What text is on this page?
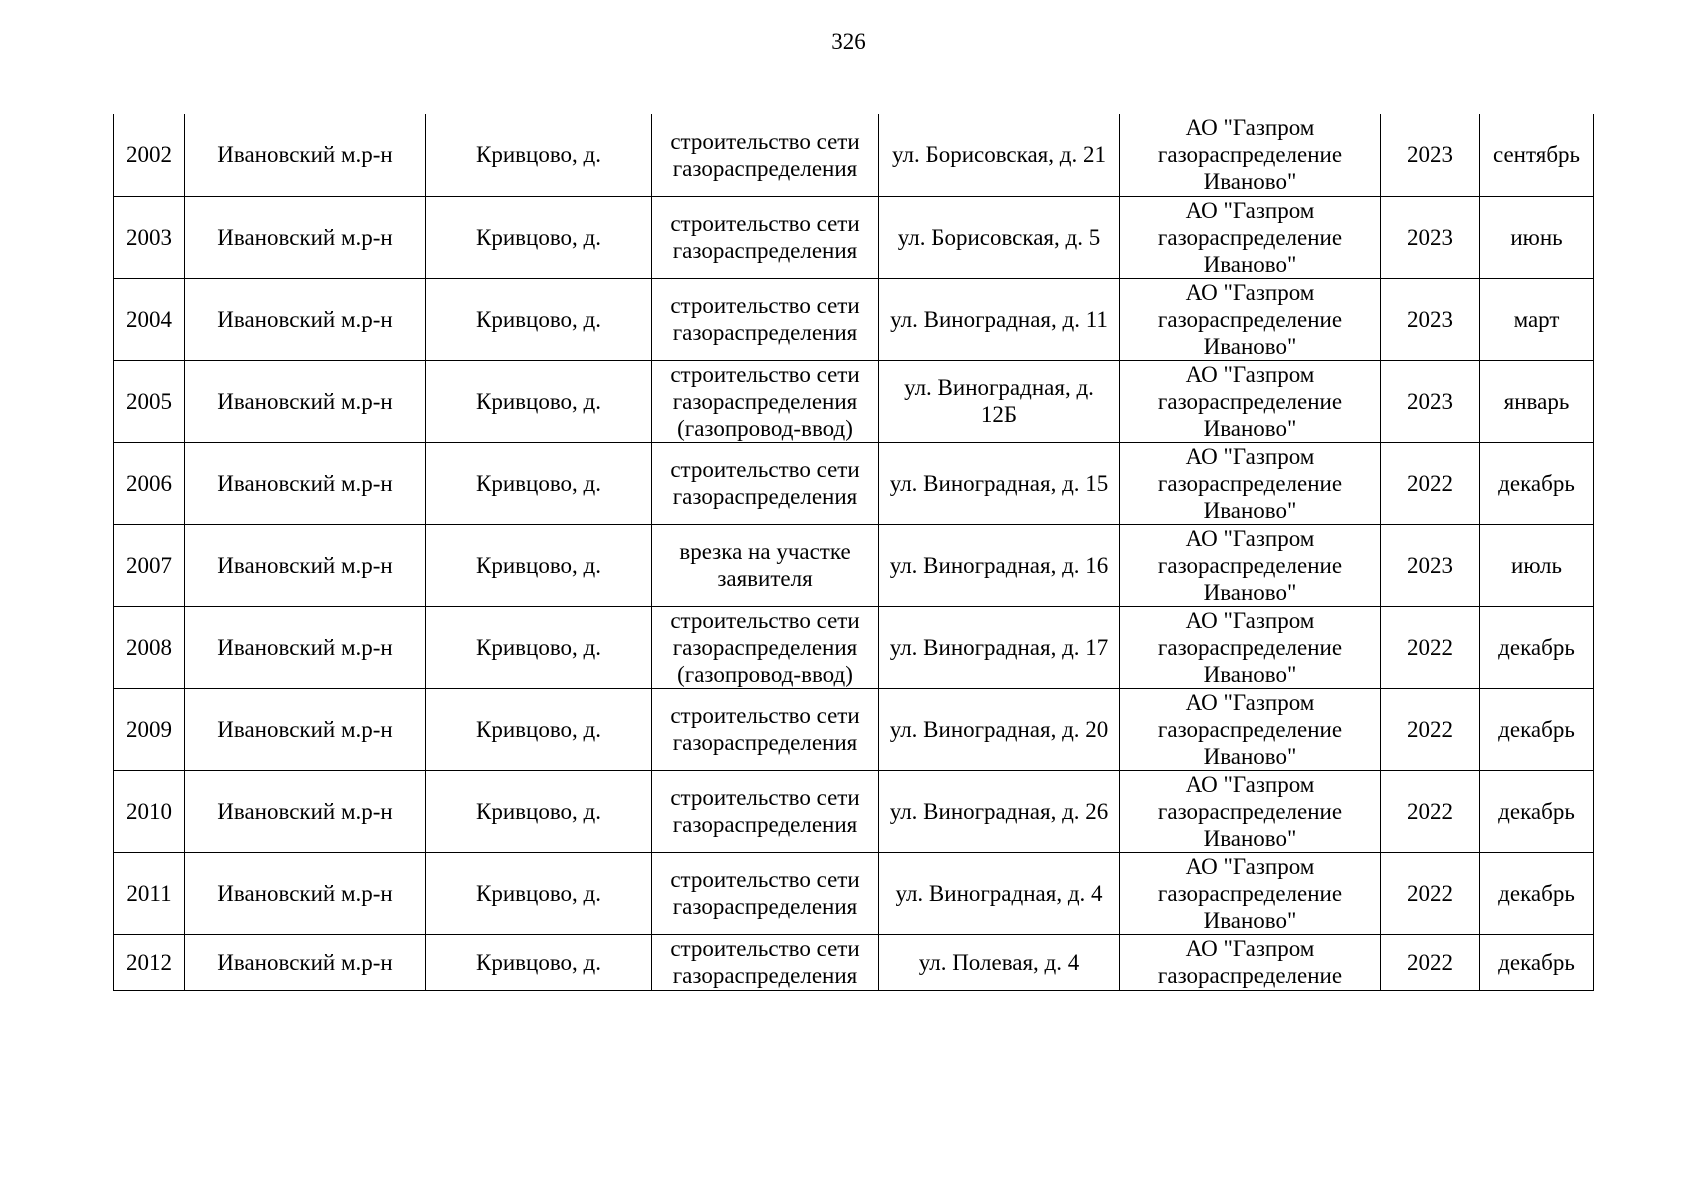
326
2002	Ивановский м.р-н	Кривцово, д.	строительство сети газораспределения	ул. Борисовская, д. 21	АО "Газпром газораспределение Иваново"	2023	сентябрь
2003	Ивановский м.р-н	Кривцово, д.	строительство сети газораспределения	ул. Борисовская, д. 5	АО "Газпром газораспределение Иваново"	2023	июнь
2004	Ивановский м.р-н	Кривцово, д.	строительство сети газораспределения	ул. Виноградная, д. 11	АО "Газпром газораспределение Иваново"	2023	март
2005	Ивановский м.р-н	Кривцово, д.	строительство сети газораспределения (газопровод-ввод)	ул. Виноградная, д. 12Б	АО "Газпром газораспределение Иваново"	2023	январь
2006	Ивановский м.р-н	Кривцово, д.	строительство сети газораспределения	ул. Виноградная, д. 15	АО "Газпром газораспределение Иваново"	2022	декабрь
2007	Ивановский м.р-н	Кривцово, д.	врезка на участке заявителя	ул. Виноградная, д. 16	АО "Газпром газораспределение Иваново"	2023	июль
2008	Ивановский м.р-н	Кривцово, д.	строительство сети газораспределения (газопровод-ввод)	ул. Виноградная, д. 17	АО "Газпром газораспределение Иваново"	2022	декабрь
2009	Ивановский м.р-н	Кривцово, д.	строительство сети газораспределения	ул. Виноградная, д. 20	АО "Газпром газораспределение Иваново"	2022	декабрь
2010	Ивановский м.р-н	Кривцово, д.	строительство сети газораспределения	ул. Виноградная, д. 26	АО "Газпром газораспределение Иваново"	2022	декабрь
2011	Ивановский м.р-н	Кривцово, д.	строительство сети газораспределения	ул. Виноградная, д. 4	АО "Газпром газораспределение Иваново"	2022	декабрь
2012	Ивановский м.р-н	Кривцово, д.	строительство сети газораспределения	ул. Полевая, д. 4	АО "Газпром газораспределение	2022	декабрь
